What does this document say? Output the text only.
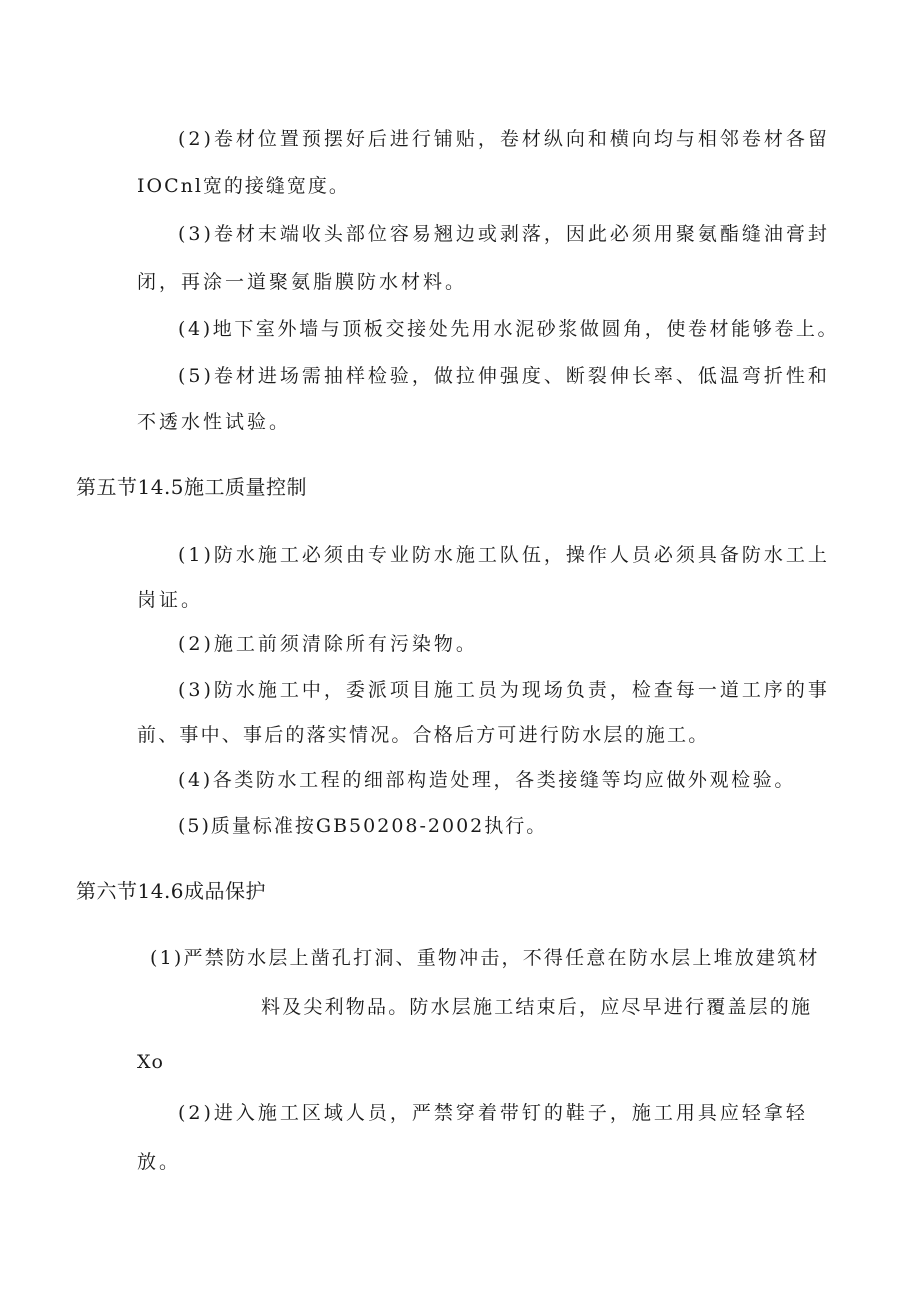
(2)卷材位置预摆好后进行铺贴，卷材纵向和横向均与相邻卷材各留
IOCnl宽的接缝宽度。
(3)卷材末端收头部位容易翘边或剥落，因此必须用聚氨酯缝油膏封
闭，再涂一道聚氨脂膜防水材料。
(4)地下室外墙与顶板交接处先用水泥砂浆做圆角，使卷材能够卷上。
(5)卷材进场需抽样检验，做拉伸强度、断裂伸长率、低温弯折性和
不透水性试验。
第五节14.5施工质量控制
(1)防水施工必须由专业防水施工队伍，操作人员必须具备防水工上
岗证。
(2)施工前须清除所有污染物。
(3)防水施工中，委派项目施工员为现场负责，检查每一道工序的事
前、事中、事后的落实情况。合格后方可进行防水层的施工。
(4)各类防水工程的细部构造处理，各类接缝等均应做外观检验。
(5)质量标准按GB50208-2002执行。
第六节14.6成品保护
(1)严禁防水层上凿孔打洞、重物冲击，不得任意在防水层上堆放建筑材
料及尖利物品。防水层施工结束后，应尽早进行覆盖层的施
Xo
(2)进入施工区域人员，严禁穿着带钉的鞋子，施工用具应轻拿轻
放。
